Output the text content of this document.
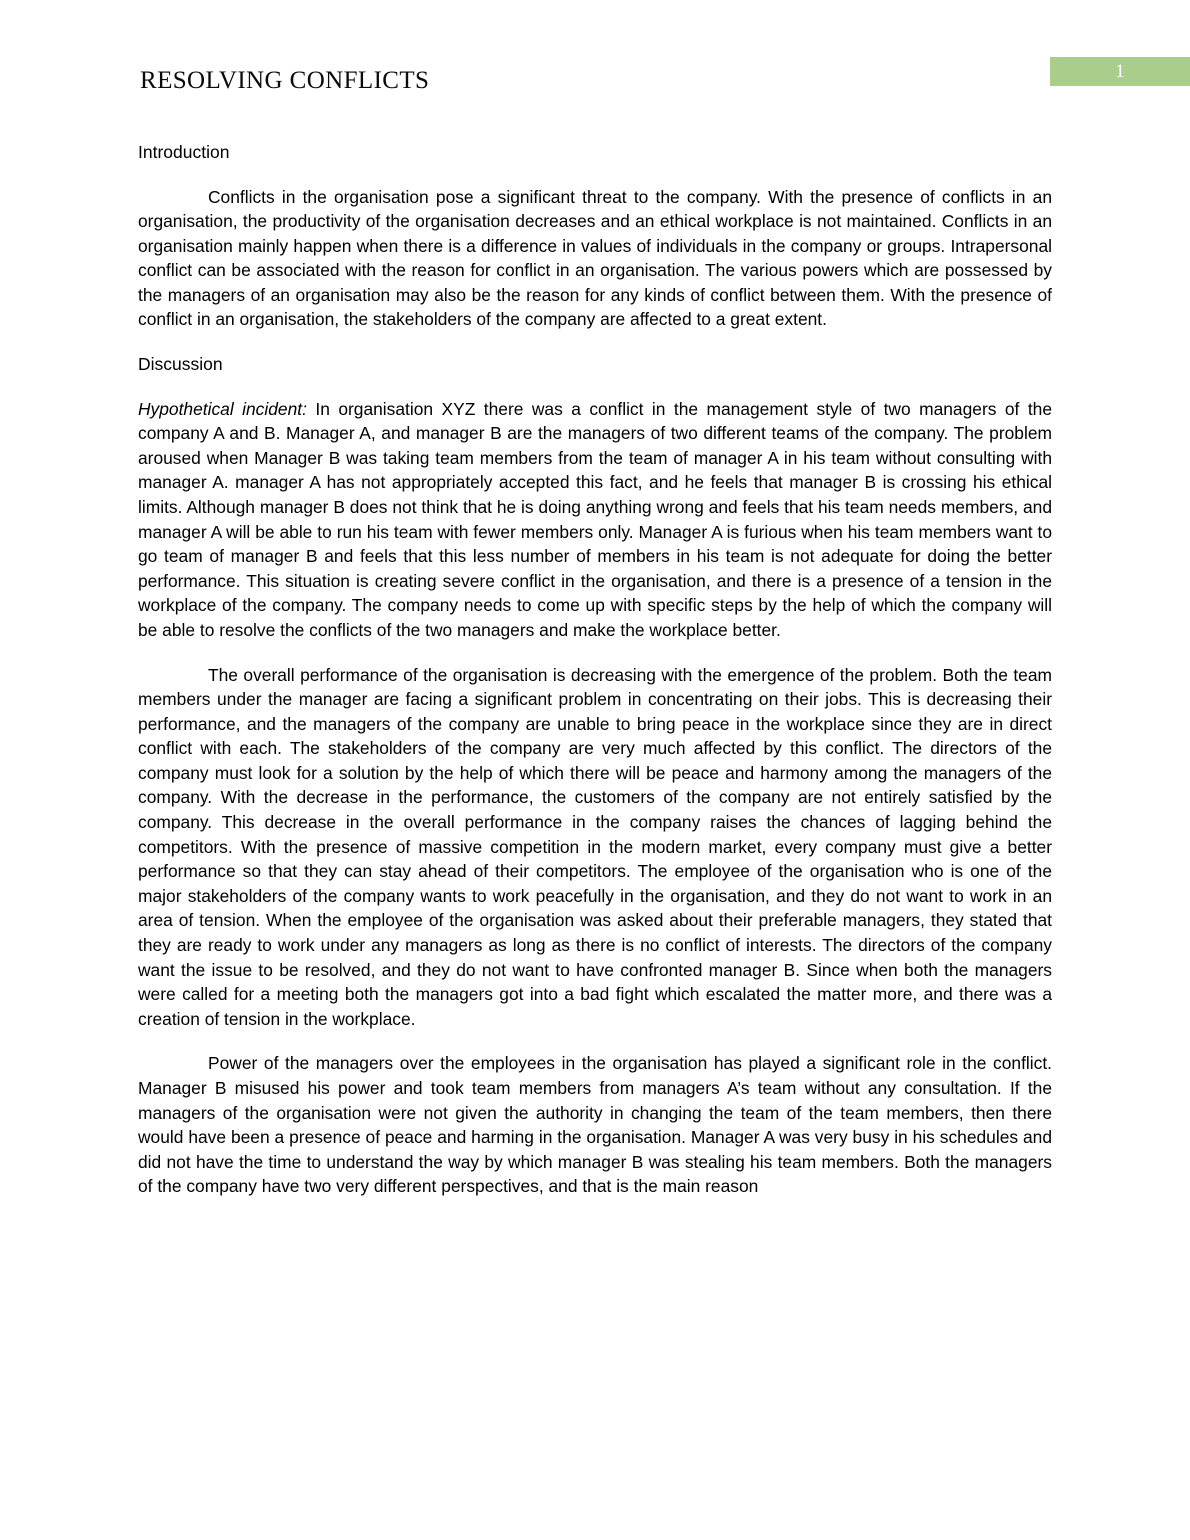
RESOLVING CONFLICTS	1
Introduction

Conflicts in the organisation pose a significant threat to the company. With the presence of conflicts in an organisation, the productivity of the organisation decreases and an ethical workplace is not maintained. Conflicts in an organisation mainly happen when there is a difference in values of individuals in the company or groups. Intrapersonal conflict can be associated with the reason for conflict in an organisation. The various powers which are possessed by the managers of an organisation may also be the reason for any kinds of conflict between them. With the presence of conflict in an organisation, the stakeholders of the company are affected to a great extent.

Discussion

Hypothetical incident: In organisation XYZ there was a conflict in the management style of two managers of the company A and B. Manager A, and manager B are the managers of two different teams of the company. The problem aroused when Manager B was taking team members from the team of manager A in his team without consulting with manager A. manager A has not appropriately accepted this fact, and he feels that manager B is crossing his ethical limits. Although manager B does not think that he is doing anything wrong and feels that his team needs members, and manager A will be able to run his team with fewer members only. Manager A is furious when his team members want to go team of manager B and feels that this less number of members in his team is not adequate for doing the better performance. This situation is creating severe conflict in the organisation, and there is a presence of a tension in the workplace of the company. The company needs to come up with specific steps by the help of which the company will be able to resolve the conflicts of the two managers and make the workplace better.

The overall performance of the organisation is decreasing with the emergence of the problem. Both the team members under the manager are facing a significant problem in concentrating on their jobs. This is decreasing their performance, and the managers of the company are unable to bring peace in the workplace since they are in direct conflict with each. The stakeholders of the company are very much affected by this conflict. The directors of the company must look for a solution by the help of which there will be peace and harmony among the managers of the company. With the decrease in the performance, the customers of the company are not entirely satisfied by the company. This decrease in the overall performance in the company raises the chances of lagging behind the competitors. With the presence of massive competition in the modern market, every company must give a better performance so that they can stay ahead of their competitors. The employee of the organisation who is one of the major stakeholders of the company wants to work peacefully in the organisation, and they do not want to work in an area of tension. When the employee of the organisation was asked about their preferable managers, they stated that they are ready to work under any managers as long as there is no conflict of interests. The directors of the company want the issue to be resolved, and they do not want to have confronted manager B. Since when both the managers were called for a meeting both the managers got into a bad fight which escalated the matter more, and there was a creation of tension in the workplace.

Power of the managers over the employees in the organisation has played a significant role in the conflict. Manager B misused his power and took team members from managers A’s team without any consultation. If the managers of the organisation were not given the authority in changing the team of the team members, then there would have been a presence of peace and harming in the organisation. Manager A was very busy in his schedules and did not have the time to understand the way by which manager B was stealing his team members. Both the managers of the company have two very different perspectives, and that is the main reason
